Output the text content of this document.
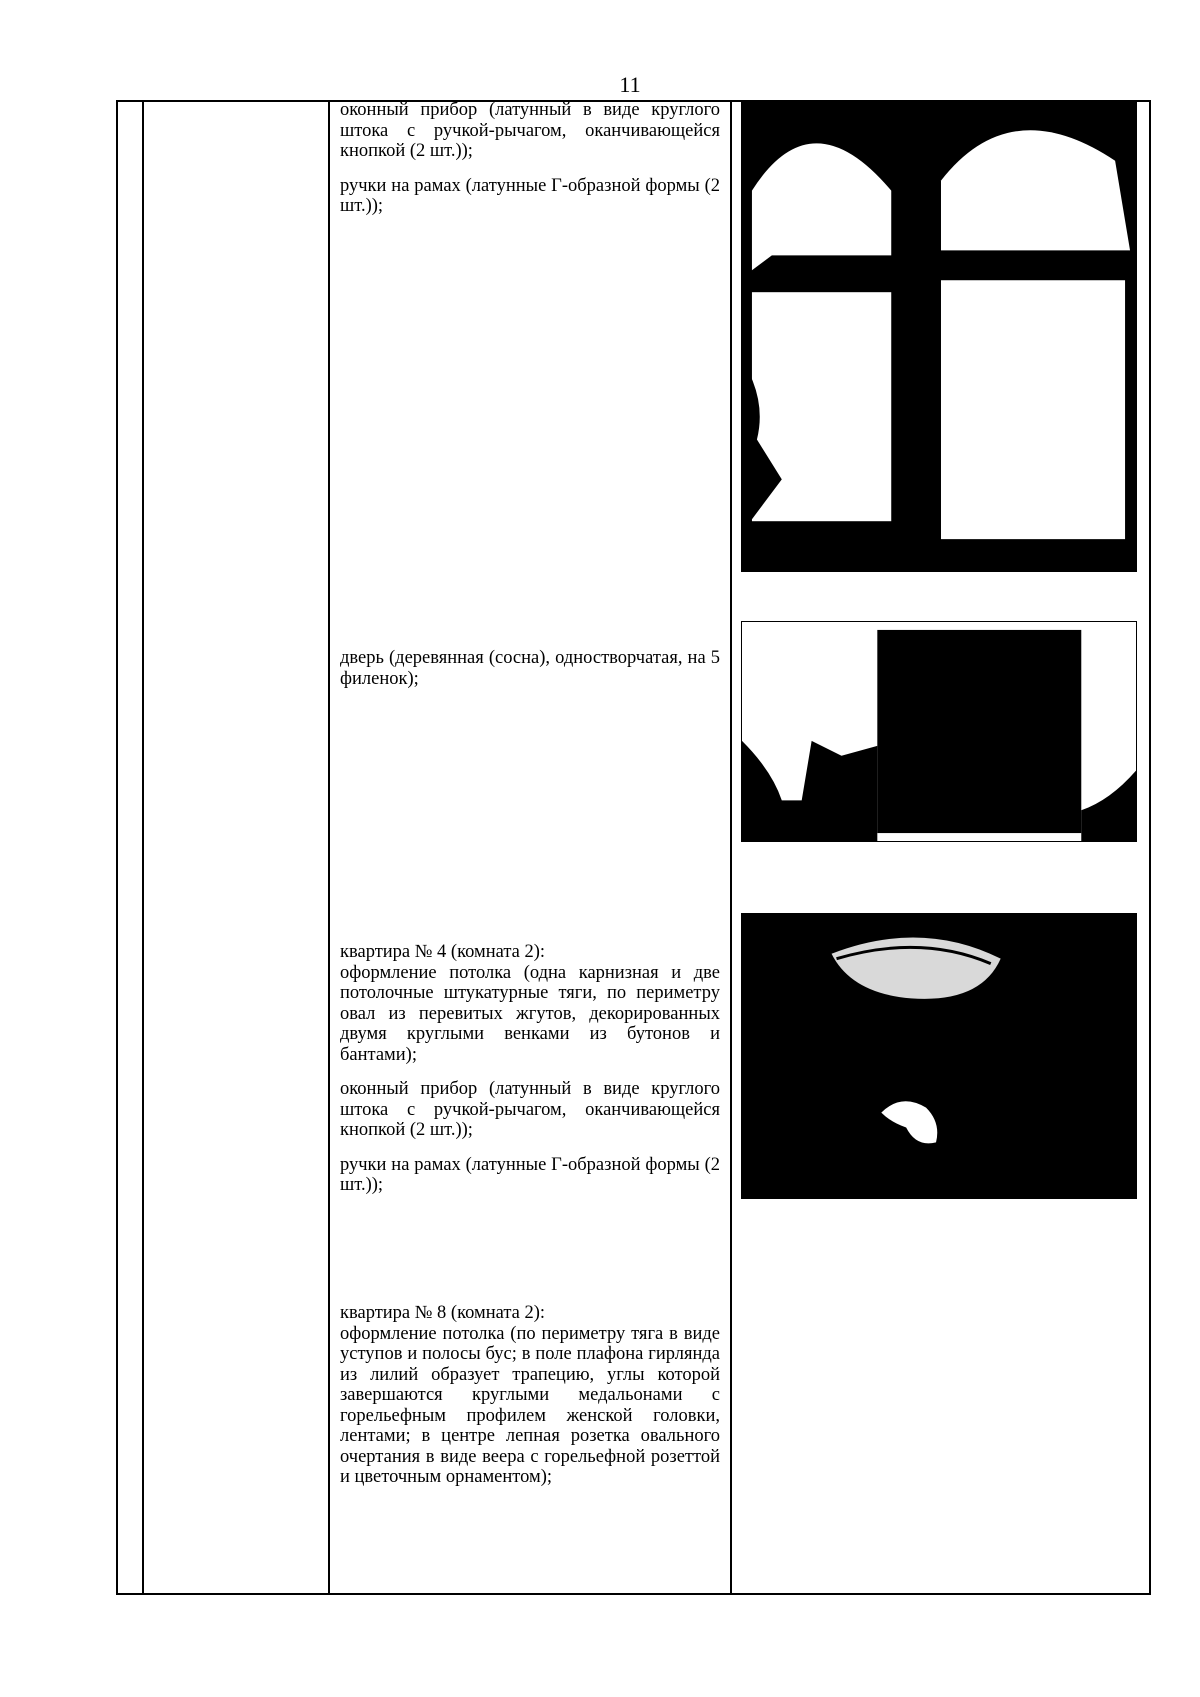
11

оконный прибор (латунный в виде круглого штока с ручкой-рычагом, оканчивающейся кнопкой (2 шт.));

ручки на рамах (латунные Г-образной формы (2 шт.));

дверь (деревянная (сосна), одностворчатая, на 5 филенок);

квартира № 4 (комната 2):
оформление потолка (одна карнизная и две потолочные штукатурные тяги, по периметру овал из перевитых жгутов, декорированных двумя круглыми венками из бутонов и бантами);

оконный прибор (латунный в виде круглого штока с ручкой-рычагом, оканчивающейся кнопкой (2 шт.));

ручки на рамах (латунные Г-образной формы (2 шт.));

квартира № 8 (комната 2):
оформление потолка (по периметру тяга в виде уступов и полосы бус; в поле плафона гирлянда из лилий образует трапецию, углы которой завершаются круглыми медальонами с горельефным профилем женской головки, лентами; в центре лепная розетка овального очертания в виде веера с горельефной розеттой и цветочным орнаментом);
